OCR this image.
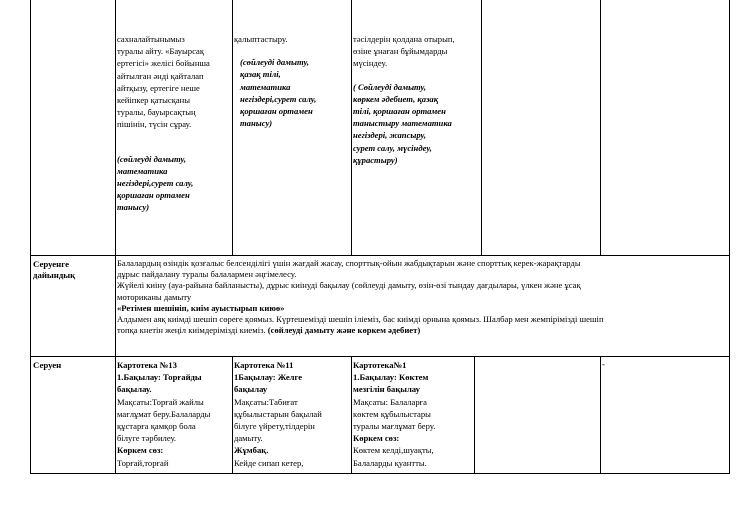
сахналайтынымыз
туралы айту. «Бауырсақ
ертегісі» желісі бойынша
айтылған әнді қайталап
айтқызу, ертегіге неше
кейіпкер қатысқаны
туралы, бауырсақтың
пішінін, түсін сұрау.
(сөйлеуді дамыту,
математика
негіздері,сурет салу,
қоршаған ортамен
танысу)
қалыптастыру.
(сөйлеуді дамыту,
қазақ тілі,
математика
негіздері,сурет салу,
қоршаған ортамен
танысу)
тәсілдерін қолдана отырып,
өзіне ұнаған бұйымдарды
мүсіндеу.
( Сөйлеуді дамыту,
көркем әдебиет, қазақ
тілі, қоршаған ортамен
таныстыру математика
негіздері, жапсыру,
сурет салу, мүсіндеу,
құрастыру)
Серуенге
дайындық
Балалардың өзіндік қозғалыс белсенділігі үшін жағдай жасау, спорттық-ойын жабдықтарын және спорттық керек-жарақтарды
дұрыс пайдалану туралы балалармен әңгімелесу.
Жүйелі киіну (ауа-райына байланысты), дұрыс киінуді бақылау (сөйлеуді дамыту, өзін-өзі тындау дағдылары, үлкен және ұсақ
моториканы дамыту
«Ретімен шешініп, киім ауыстырып киюө»
Алдымен аяқ киімді шешіп сөреге қоямыз. Күртешемізді шешіп іліеміз, бас киімді орнына қоямыз. Шалбар мен жемпірімізді шешіп
топқа кнетін жеңіл киімдерімізді киеміз. (сөйлеуді дамыту және көркем әдебиет)
Серуен	Картотека №13
1.Бақылау: Торғайды
бақылау.
Мақсаты:Торғай жайлы
мағлұмат беру.Балаларды
құстарға қамқор бола
білуге тәрбилеу.
Көркем сөз:
Торғай,торғай
Картотека №11
1Бақылау: Желге
бақылау
Мақсаты:Табиғат
құбылыстарын бақылай
білуге үйрету,тілдерін
дамыту.
Жұмбақ.
Кейде сипап кетер,
Картотека№1
1.Бақылау: Көктем
мезгілін бақылау
Мақсаты: Балаларға
көктем құбылыстары
туралы мағлұмат беру.
Көркем сөз:
Көктем келді,шуақты,
Балаларды қуантты.
-
